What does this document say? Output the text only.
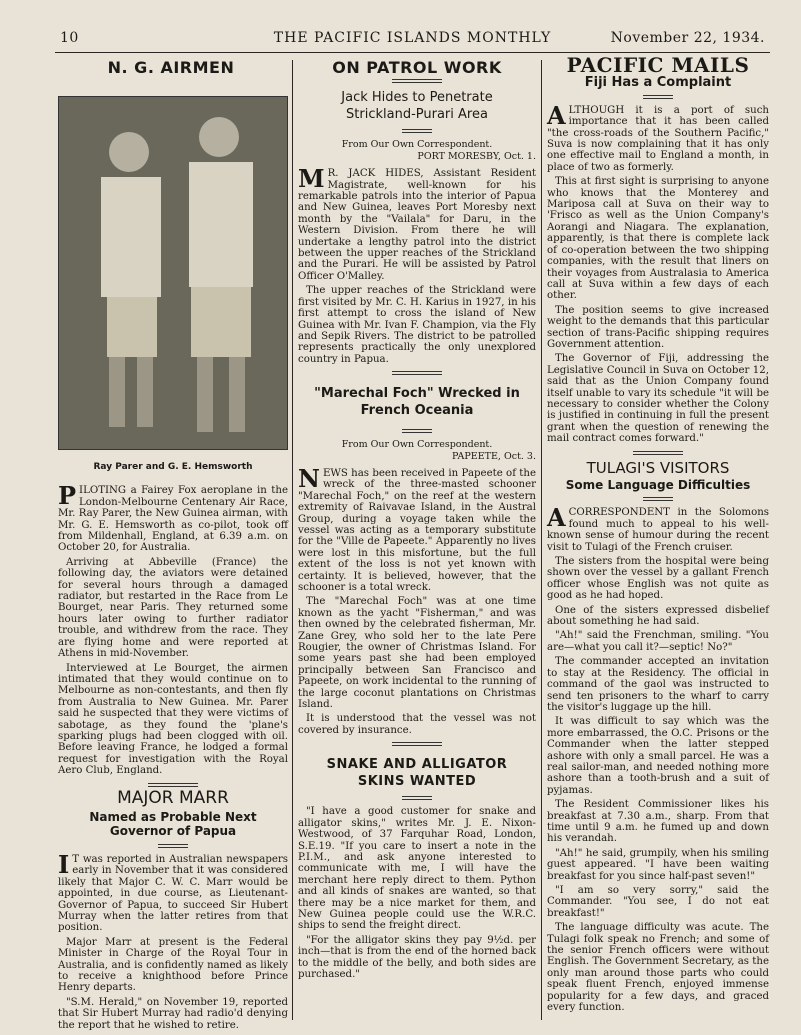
10	THE PACIFIC ISLANDS MONTHLY	November 22, 1934.
N. G. AIRMEN
Ray Parer and G. E. Hemsworth

PILOTING a Fairey Fox aeroplane in the London-Melbourne Centenary Air Race, Mr. Ray Parer, the New Guinea airman, with Mr. G. E. Hemsworth as co-pilot, took off from Mildenhall, England, at 6.39 a.m. on October 20, for Australia.

Arriving at Abbeville (France) the following day, the aviators were detained for several hours through a damaged radiator, but restarted in the Race from Le Bourget, near Paris. They returned some hours later owing to further radiator trouble, and withdrew from the race. They are flying home and were reported at Athens in mid-November.

Interviewed at Le Bourget, the airmen intimated that they would continue on to Melbourne as non-contestants, and then fly from Australia to New Guinea. Mr. Parer said he suspected that they were victims of sabotage, as they found the 'plane's sparking plugs had been clogged with oil. Before leaving France, he lodged a formal request for investigation with the Royal Aero Club, England.

MAJOR MARR
Named as Probable Next Governor of Papua

IT was reported in Australian newspapers early in November that it was considered likely that Major C. W. C. Marr would be appointed, in due course, as Lieutenant-Governor of Papua, to succeed Sir Hubert Murray when the latter retires from that position.

Major Marr at present is the Federal Minister in Charge of the Royal Tour in Australia, and is confidently named as likely to receive a knighthood before Prince Henry departs.

"S.M. Herald," on November 19, reported that Sir Hubert Murray had radio'd denying the report that he wished to retire.

ON PATROL WORK
Jack Hides to Penetrate Strickland-Purari Area
From Our Own Correspondent.
PORT MORESBY, Oct. 1.

MR. JACK HIDES, Assistant Resident Magistrate, well-known for his remarkable patrols into the interior of Papua and New Guinea, leaves Port Moresby next month by the "Vailala" for Daru, in the Western Division. From there he will undertake a lengthy patrol into the district between the upper reaches of the Strickland and the Purari. He will be assisted by Patrol Officer O'Malley.

The upper reaches of the Strickland were first visited by Mr. C. H. Karius in 1927, in his first attempt to cross the island of New Guinea with Mr. Ivan F. Champion, via the Fly and Sepik Rivers. The district to be patrolled represents practically the only unexplored country in Papua.

"Marechal Foch" Wrecked in French Oceania
From Our Own Correspondent.
PAPEETE, Oct. 3.

NEWS has been received in Papeete of the wreck of the three-masted schooner "Marechal Foch," on the reef at the western extremity of Raivavae Island, in the Austral Group, during a voyage taken while the vessel was acting as a temporary substitute for the "Ville de Papeete." Apparently no lives were lost in this misfortune, but the full extent of the loss is not yet known with certainty. It is believed, however, that the schooner is a total wreck.

The "Marechal Foch" was at one time known as the yacht "Fisherman," and was then owned by the celebrated fisherman, Mr. Zane Grey, who sold her to the late Pere Rougier, the owner of Christmas Island. For some years past she had been employed principally between San Francisco and Papeete, on work incidental to the running of the large coconut plantations on Christmas Island.

It is understood that the vessel was not covered by insurance.

SNAKE AND ALLIGATOR SKINS WANTED

"I have a good customer for snake and alligator skins," writes Mr. J. E. Nixon-Westwood, of 37 Farquhar Road, London, S.E.19. "If you care to insert a note in the P.I.M., and ask anyone interested to communicate with me, I will have the merchant here reply direct to them. Python and all kinds of snakes are wanted, so that there may be a nice market for them, and New Guinea people could use the W.R.C. ships to send the freight direct.

"For the alligator skins they pay 9½d. per inch—that is from the end of the horned back to the middle of the belly, and both sides are purchased."

PACIFIC MAILS
Fiji Has a Complaint

ALTHOUGH it is a port of such importance that it has been called "the cross-roads of the Southern Pacific," Suva is now complaining that it has only one effective mail to England a month, in place of two as formerly.

This at first sight is surprising to anyone who knows that the Monterey and Mariposa call at Suva on their way to 'Frisco as well as the Union Company's Aorangi and Niagara. The explanation, apparently, is that there is complete lack of co-operation between the two shipping companies, with the result that liners on their voyages from Australasia to America call at Suva within a few days of each other.

The position seems to give increased weight to the demands that this particular section of trans-Pacific shipping requires Government attention.

The Governor of Fiji, addressing the Legislative Council in Suva on October 12, said that as the Union Company found itself unable to vary its schedule "it will be necessary to consider whether the Colony is justified in continuing in full the present grant when the question of renewing the mail contract comes forward."

TULAGI'S VISITORS
Some Language Difficulties

ACORRESPONDENT in the Solomons found much to appeal to his well-known sense of humour during the recent visit to Tulagi of the French cruiser.

The sisters from the hospital were being shown over the vessel by a gallant French officer whose English was not quite as good as he had hoped.

One of the sisters expressed disbelief about something he had said.

"Ah!" said the Frenchman, smiling. "You are—what you call it?—septic! No?"

The commander accepted an invitation to stay at the Residency. The official in command of the gaol was instructed to send ten prisoners to the wharf to carry the visitor's luggage up the hill.

It was difficult to say which was the more embarrassed, the O.C. Prisons or the Commander when the latter stepped ashore with only a small parcel. He was a real sailor-man, and needed nothing more ashore than a tooth-brush and a suit of pyjamas.

The Resident Commissioner likes his breakfast at 7.30 a.m., sharp. From that time until 9 a.m. he fumed up and down his verandah.

"Ah!" he said, grumpily, when his smiling guest appeared. "I have been waiting breakfast for you since half-past seven!"

"I am so very sorry," said the Commander. "You see, I do not eat breakfast!"

The language difficulty was acute. The Tulagi folk speak no French; and some of the senior French officers were without English. The Government Secretary, as the only man around those parts who could speak fluent French, enjoyed immense popularity for a few days, and graced every function.
